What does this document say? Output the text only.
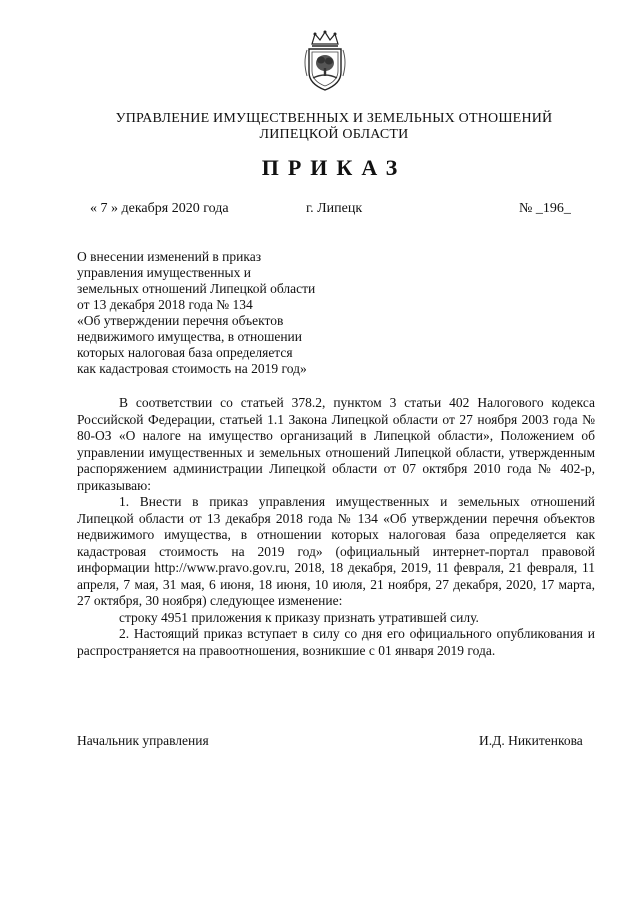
УПРАВЛЕНИЕ ИМУЩЕСТВЕННЫХ И ЗЕМЕЛЬНЫХ ОТНОШЕНИЙ
ЛИПЕЦКОЙ ОБЛАСТИ
ПРИКАЗ
« 7 » декабря 2020 года	г. Липецк	№ _196_
О внесении изменений в приказ
управления имущественных и
земельных отношений Липецкой области
от 13 декабря 2018 года № 134
«Об утверждении перечня объектов
недвижимого имущества, в отношении
которых налоговая база определяется
как кадастровая стоимость на 2019 год»

В соответствии со статьей 378.2, пунктом 3 статьи 402 Налогового кодекса Российской Федерации, статьей 1.1 Закона Липецкой области от 27 ноября 2003 года № 80-ОЗ «О налоге на имущество организаций в Липецкой области», Положением об управлении имущественных и земельных отношений Липецкой области, утвержденным распоряжением администрации Липецкой области от 07 октября 2010 года № 402-р, приказываю:

1. Внести в приказ управления имущественных и земельных отношений Липецкой области от 13 декабря 2018 года № 134 «Об утверждении перечня объектов недвижимого имущества, в отношении которых налоговая база определяется как кадастровая стоимость на 2019 год» (официальный интернет-портал правовой информации http://www.pravo.gov.ru, 2018, 18 декабря, 2019, 11 февраля, 21 февраля, 11 апреля, 7 мая, 31 мая, 6 июня, 18 июня, 10 июля, 21 ноября, 27 декабря, 2020, 17 марта, 27 октября, 30 ноября) следующее изменение:

строку 4951 приложения к приказу признать утратившей силу.

2. Настоящий приказ вступает в силу со дня его официального опубликования и распространяется на правоотношения, возникшие с 01 января 2019 года.

Начальник управления	И.Д. Никитенкова
